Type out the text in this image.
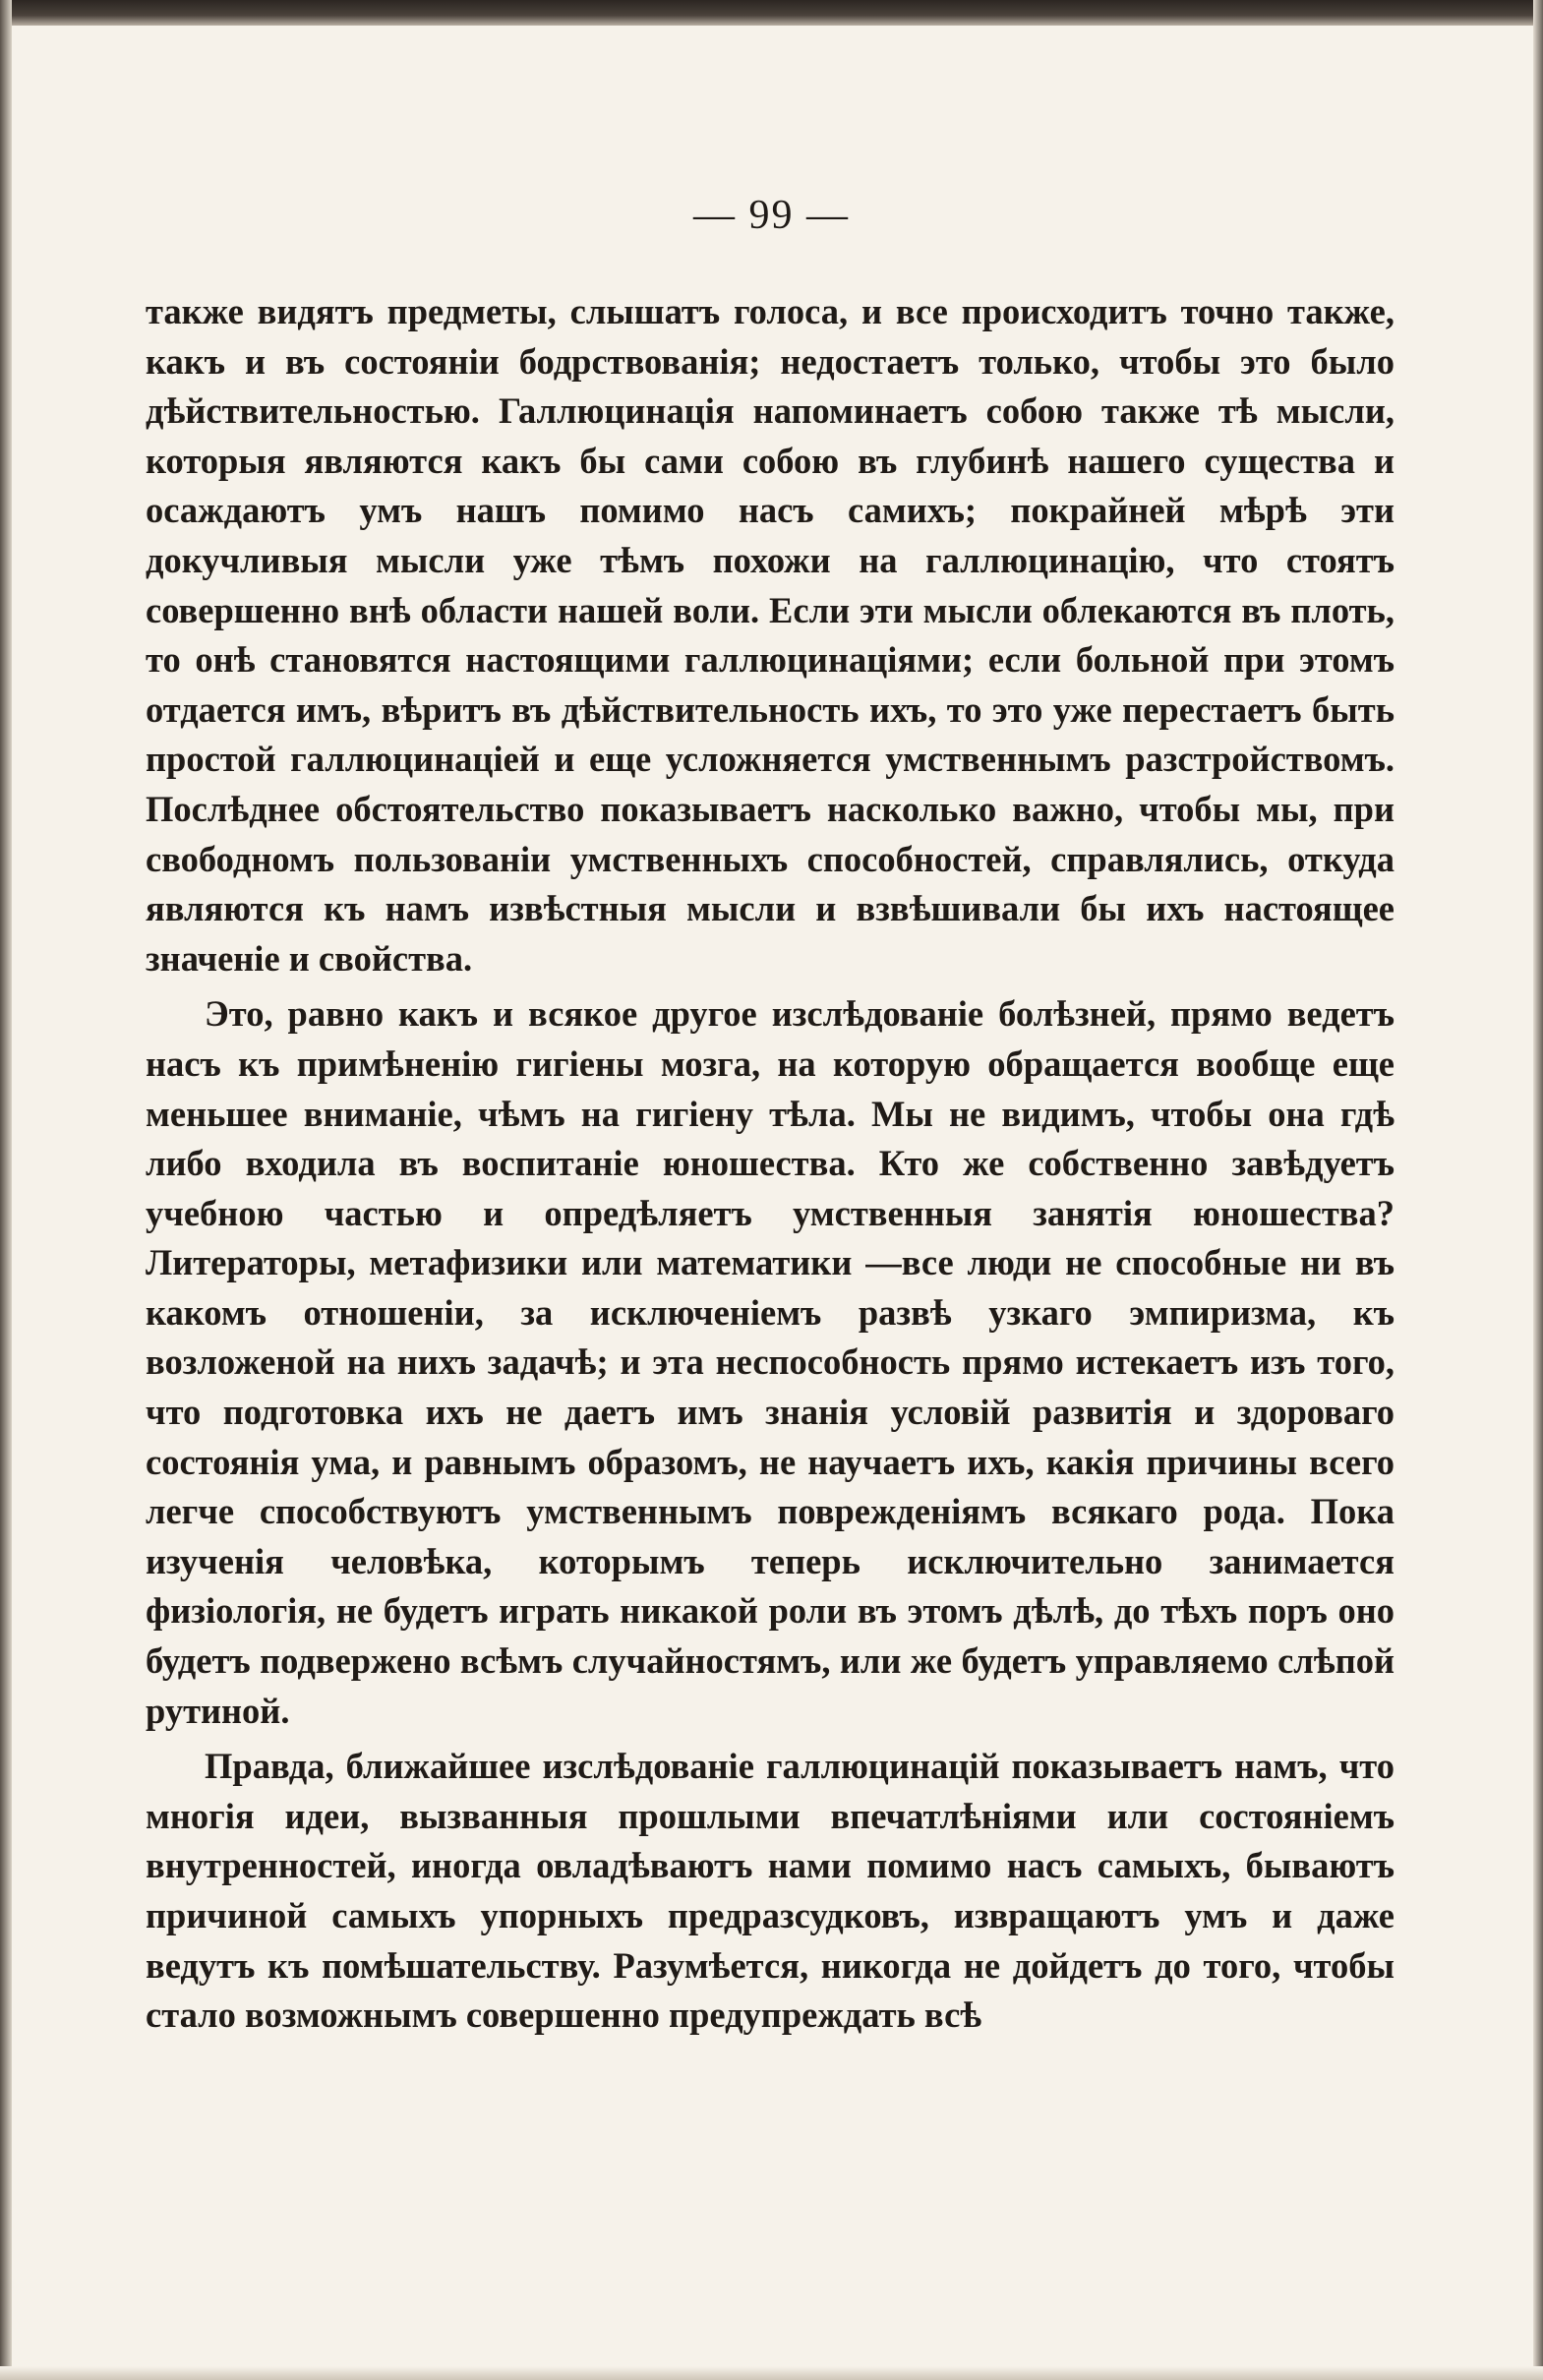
— 99 —

также видятъ предметы, слышатъ голоса, и все происходитъ точно также, какъ и въ состояніи бодрствованія; недостаетъ только, чтобы это было дѣйствительностью. Галлюцинація напоминаетъ собою также тѣ мысли, которыя являются какъ бы сами собою въ глубинѣ нашего существа и осаждаютъ умъ нашъ помимо насъ самихъ; покрайней мѣрѣ эти докучливыя мысли уже тѣмъ похожи на галлюцинацію, что стоятъ совершенно внѣ области нашей воли. Если эти мысли облекаются въ плоть, то онѣ становятся настоящими галлюцинаціями; если больной при этомъ отдается имъ, вѣритъ въ дѣйствительность ихъ, то это уже перестаетъ быть простой галлюцинаціей и еще усложняется умственнымъ разстройствомъ. Послѣднее обстоятельство показываетъ насколько важно, чтобы мы, при свободномъ пользованіи умственныхъ способностей, справлялись, откуда являются къ намъ извѣстныя мысли и взвѣшивали бы ихъ настоящее значеніе и свойства.

Это, равно какъ и всякое другое изслѣдованіе болѣзней, прямо ведетъ насъ къ примѣненію гигіены мозга, на которую обращается вообще еще меньшее вниманіе, чѣмъ на гигіену тѣла. Мы не видимъ, чтобы она гдѣ либо входила въ воспитаніе юношества. Кто же собственно завѣдуетъ учебною частью и опредѣляетъ умственныя занятія юношества? Литераторы, метафизики или математики —все люди не способные ни въ какомъ отношеніи, за исключеніемъ развѣ узкаго эмпиризма, къ возложеной на нихъ задачѣ; и эта неспособность прямо истекаетъ изъ того, что подготовка ихъ не даетъ имъ знанія условій развитія и здороваго состоянія ума, и равнымъ образомъ, не научаетъ ихъ, какія причины всего легче способствуютъ умственнымъ поврежденіямъ всякаго рода. Пока изученія человѣка, которымъ теперь исключительно занимается физіологія, не будетъ играть никакой роли въ этомъ дѣлѣ, до тѣхъ поръ оно будетъ подвержено всѣмъ случайностямъ, или же будетъ управляемо слѣпой рутиной.

Правда, ближайшее изслѣдованіе галлюцинацій показываетъ намъ, что многія идеи, вызванныя прошлыми впечатлѣніями или состояніемъ внутренностей, иногда овладѣваютъ нами помимо насъ самыхъ, бываютъ причиной самыхъ упорныхъ предразсудковъ, извращаютъ умъ и даже ведутъ къ помѣшательству. Разумѣется, никогда не дойдетъ до того, чтобы стало возможнымъ совершенно предупреждать всѣ
